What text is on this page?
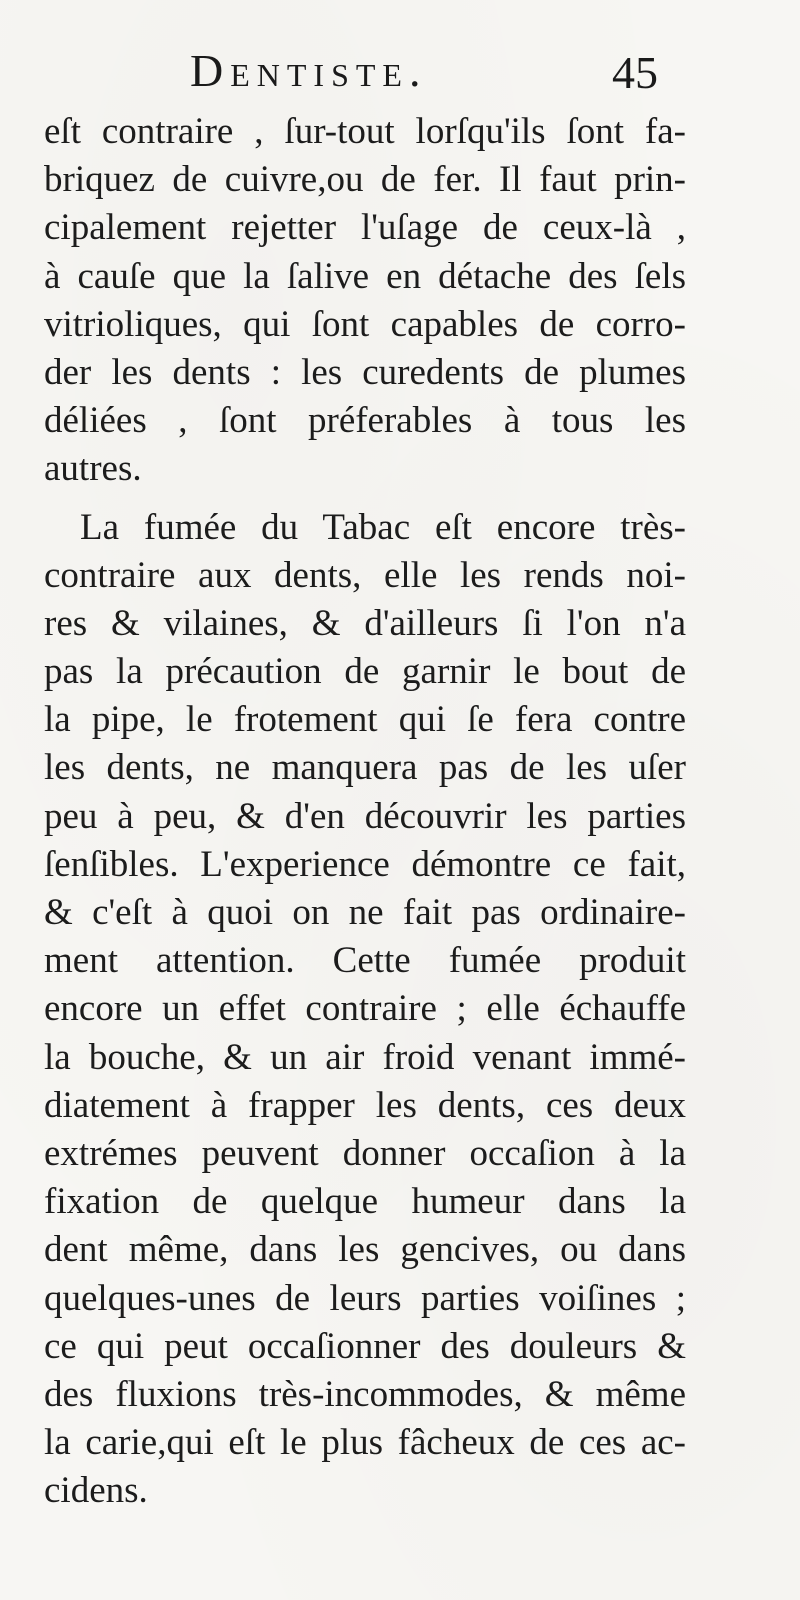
Dentiste.	45
eſt contraire , ſur-tout lorſqu'ils ſont fa-
briquez de cuivre,ou de fer. Il faut prin-
cipalement rejetter l'uſage de ceux-là ,
à cauſe que la ſalive en détache des ſels
vitrioliques, qui ſont capables de corro-
der les dents : les curedents de plumes
déliées , ſont préferables à tous les
autres.
La fumée du Tabac eſt encore très-
contraire aux dents, elle les rends noi-
res & vilaines, & d'ailleurs ſi l'on n'a
pas la précaution de garnir le bout de
la pipe, le frotement qui ſe fera contre
les dents, ne manquera pas de les uſer
peu à peu, & d'en découvrir les parties
ſenſibles. L'experience démontre ce fait,
& c'eſt à quoi on ne fait pas ordinaire-
ment attention. Cette fumée produit
encore un effet contraire ; elle échauffe
la bouche, & un air froid venant immé-
diatement à frapper les dents, ces deux
extrémes peuvent donner occaſion à la
fixation de quelque humeur dans la
dent même, dans les gencives, ou dans
quelques-unes de leurs parties voiſines ;
ce qui peut occaſionner des douleurs &
des fluxions très-incommodes, & même
la carie,qui eſt le plus fâcheux de ces ac-
cidens.
